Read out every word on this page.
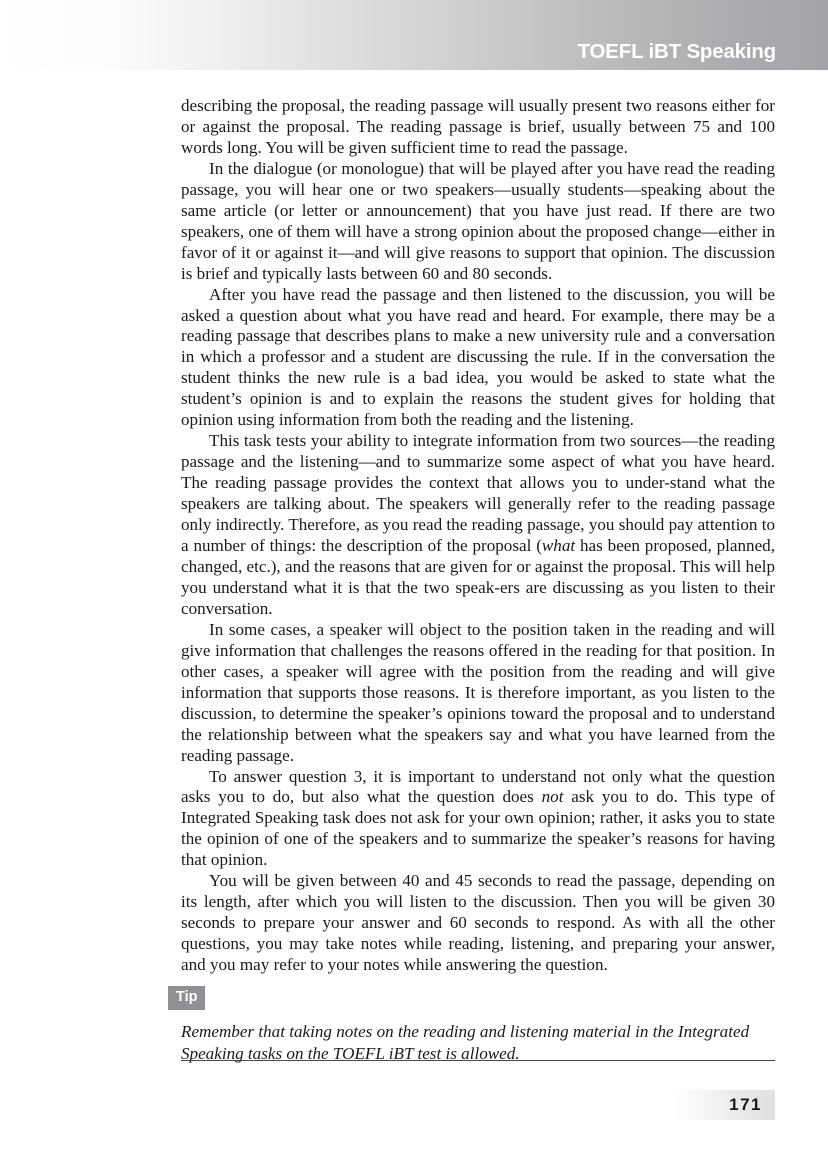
TOEFL iBT Speaking

describing the proposal, the reading passage will usually present two reasons either for or against the proposal. The reading passage is brief, usually between 75 and 100 words long. You will be given sufficient time to read the passage.

In the dialogue (or monologue) that will be played after you have read the reading passage, you will hear one or two speakers—usually students—speaking about the same article (or letter or announcement) that you have just read. If there are two speakers, one of them will have a strong opinion about the proposed change—either in favor of it or against it—and will give reasons to support that opinion. The discussion is brief and typically lasts between 60 and 80 seconds.

After you have read the passage and then listened to the discussion, you will be asked a question about what you have read and heard. For example, there may be a reading passage that describes plans to make a new university rule and a conversation in which a professor and a student are discussing the rule. If in the conversation the student thinks the new rule is a bad idea, you would be asked to state what the student’s opinion is and to explain the reasons the student gives for holding that opinion using information from both the reading and the listening.

This task tests your ability to integrate information from two sources—the reading passage and the listening—and to summarize some aspect of what you have heard. The reading passage provides the context that allows you to under-stand what the speakers are talking about. The speakers will generally refer to the reading passage only indirectly. Therefore, as you read the reading passage, you should pay attention to a number of things: the description of the proposal (what has been proposed, planned, changed, etc.), and the reasons that are given for or against the proposal. This will help you understand what it is that the two speak-ers are discussing as you listen to their conversation.

In some cases, a speaker will object to the position taken in the reading and will give information that challenges the reasons offered in the reading for that position. In other cases, a speaker will agree with the position from the reading and will give information that supports those reasons. It is therefore important, as you listen to the discussion, to determine the speaker’s opinions toward the proposal and to understand the relationship between what the speakers say and what you have learned from the reading passage.

To answer question 3, it is important to understand not only what the question asks you to do, but also what the question does not ask you to do. This type of Integrated Speaking task does not ask for your own opinion; rather, it asks you to state the opinion of one of the speakers and to summarize the speaker’s reasons for having that opinion.

You will be given between 40 and 45 seconds to read the passage, depending on its length, after which you will listen to the discussion. Then you will be given 30 seconds to prepare your answer and 60 seconds to respond. As with all the other questions, you may take notes while reading, listening, and preparing your answer, and you may refer to your notes while answering the question.

Tip

Remember that taking notes on the reading and listening material in the Integrated Speaking tasks on the TOEFL iBT test is allowed.

171
